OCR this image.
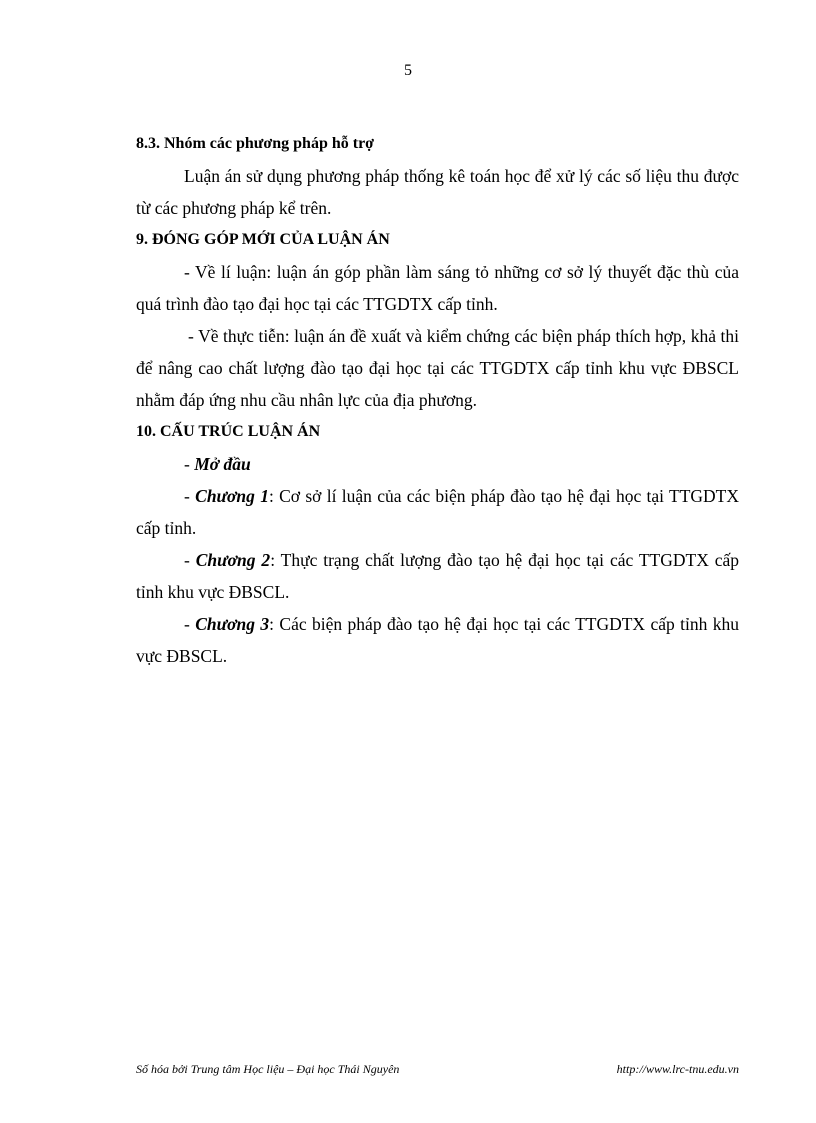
5

8.3. Nhóm các phương pháp hỗ trợ

Luận án sử dụng phương pháp thống kê toán học để xử lý các số liệu thu được từ các phương pháp kể trên.

9. ĐÓNG GÓP MỚI CỦA LUẬN ÁN

- Về lí luận: luận án góp phần làm sáng tỏ những cơ sở lý thuyết đặc thù của quá trình đào tạo đại học tại các TTGDTX cấp tỉnh.

- Về thực tiễn: luận án đề xuất và kiểm chứng các biện pháp thích hợp, khả thi để nâng cao chất lượng đào tạo đại học tại các TTGDTX cấp tỉnh khu vực ĐBSCL nhằm đáp ứng nhu cầu nhân lực của địa phương.

10. CẤU TRÚC LUẬN ÁN

- Mở đầu

- Chương 1: Cơ sở lí luận của các biện pháp đào tạo hệ đại học tại TTGDTX cấp tỉnh.

- Chương 2: Thực trạng chất lượng đào tạo hệ đại học tại các TTGDTX cấp tỉnh khu vực ĐBSCL.

- Chương 3: Các biện pháp đào tạo hệ đại học tại các TTGDTX cấp tỉnh khu vực ĐBSCL.

Số hóa bởi Trung tâm Học liệu – Đại học Thái Nguyên	http://www.lrc-tnu.edu.vn
